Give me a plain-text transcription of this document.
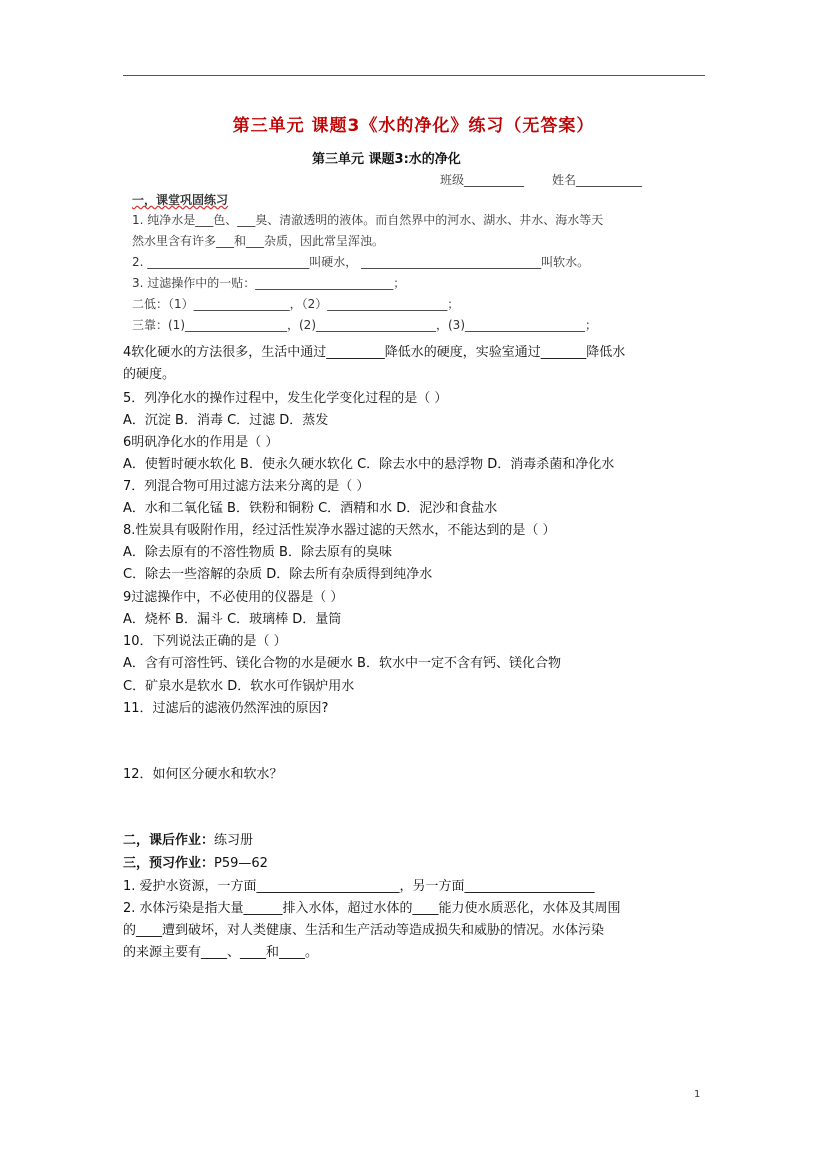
第三单元 课题3《水的净化》练习（无答案）
第三单元 课题3:水的净化
班级__________ 姓名___________
一，课堂巩固练习
1. 纯净水是___色、___臭、清澈透明的液体。而自然界中的河水、湖水、井水、海水等天
然水里含有许多___和___杂质，因此常呈浑浊。
2. ___________________________叫硬水， ______________________________叫软水。
3. 过滤操作中的一贴：_______________________；
二低：（1）________________，（2）____________________；
三靠：(1)_________________，(2)____________________，(3)____________________；
4软化硬水的方法很多，生活中通过_________降低水的硬度，实验室通过_______降低水
的硬度。
5．列净化水的操作过程中，发生化学变化过程的是（ ）
A．沉淀 B．消毒 C．过滤 D．蒸发
6明矾净化水的作用是（ ）
A．使暂时硬水软化 B．使永久硬水软化 C．除去水中的悬浮物 D．消毒杀菌和净化水
7．列混合物可用过滤方法来分离的是（ ）
A．水和二氧化锰 B．铁粉和铜粉 C．酒精和水 D．泥沙和食盐水
8.性炭具有吸附作用，经过活性炭净水器过滤的天然水，不能达到的是（ ）
A．除去原有的不溶性物质 B．除去原有的臭味
C．除去一些溶解的杂质 D．除去所有杂质得到纯净水
9过滤操作中，不必使用的仪器是（ ）
A．烧杯 B．漏斗 C．玻璃棒 D．量筒
10．下列说法正确的是（ ）
A．含有可溶性钙、镁化合物的水是硬水 B．软水中一定不含有钙、镁化合物
C．矿泉水是软水 D．软水可作锅炉用水
11．过滤后的滤液仍然浑浊的原因?
12．如何区分硬水和软水？
二，课后作业：练习册
三，预习作业：P59—62
1. 爱护水资源，一方面______________________，另一方面____________________
2. 水体污染是指大量______排入水体，超过水体的____能力使水质恶化，水体及其周围
的____遭到破坏，对人类健康、生活和生产活动等造成损失和威胁的情况。水体污染
的来源主要有____、____和____。
1
